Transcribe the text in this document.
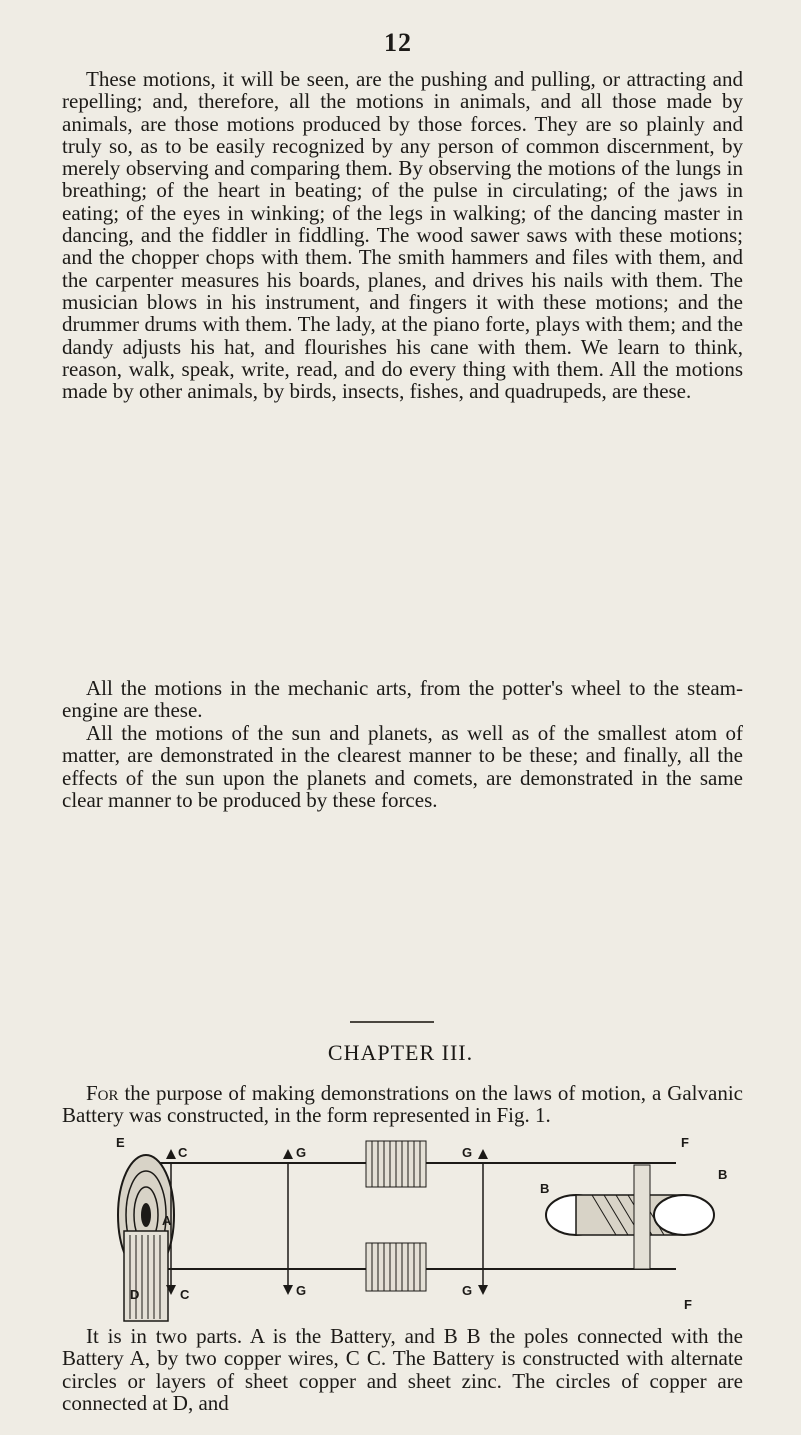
12

These motions, it will be seen, are the pushing and pulling, or attracting and repelling; and, therefore, all the motions in animals, and all those made by animals, are those motions produced by those forces. They are so plainly and truly so, as to be easily recognized by any person of common discernment, by merely observing and comparing them. By observing the motions of the lungs in breathing; of the heart in beating; of the pulse in circulating; of the jaws in eating; of the eyes in winking; of the legs in walking; of the dancing master in dancing, and the fiddler in fiddling. The wood sawer saws with these motions; and the chopper chops with them. The smith hammers and files with them, and the carpenter measures his boards, planes, and drives his nails with them. The musician blows in his instrument, and fingers it with these motions; and the drummer drums with them. The lady, at the piano forte, plays with them; and the dandy adjusts his hat, and flourishes his cane with them. We learn to think, reason, walk, speak, write, read, and do every thing with them. All the motions made by other animals, by birds, insects, fishes, and quadrupeds, are these.

All the motions in the mechanic arts, from the potter's wheel to the steam-engine are these.

All the motions of the sun and planets, as well as of the smallest atom of matter, are demonstrated in the clearest manner to be these; and finally, all the effects of the sun upon the planets and comets, are demonstrated in the same clear manner to be produced by these forces.

CHAPTER III.

For the purpose of making demonstrations on the laws of motion, a Galvanic Battery was constructed, in the form represented in Fig. 1.

E
C	G	G
F
B
B
A
D	C	G	G
F

It is in two parts. A is the Battery, and B B the poles connected with the Battery A, by two copper wires, C C. The Battery is constructed with alternate circles or layers of sheet copper and sheet zinc. The circles of copper are connected at D, and
